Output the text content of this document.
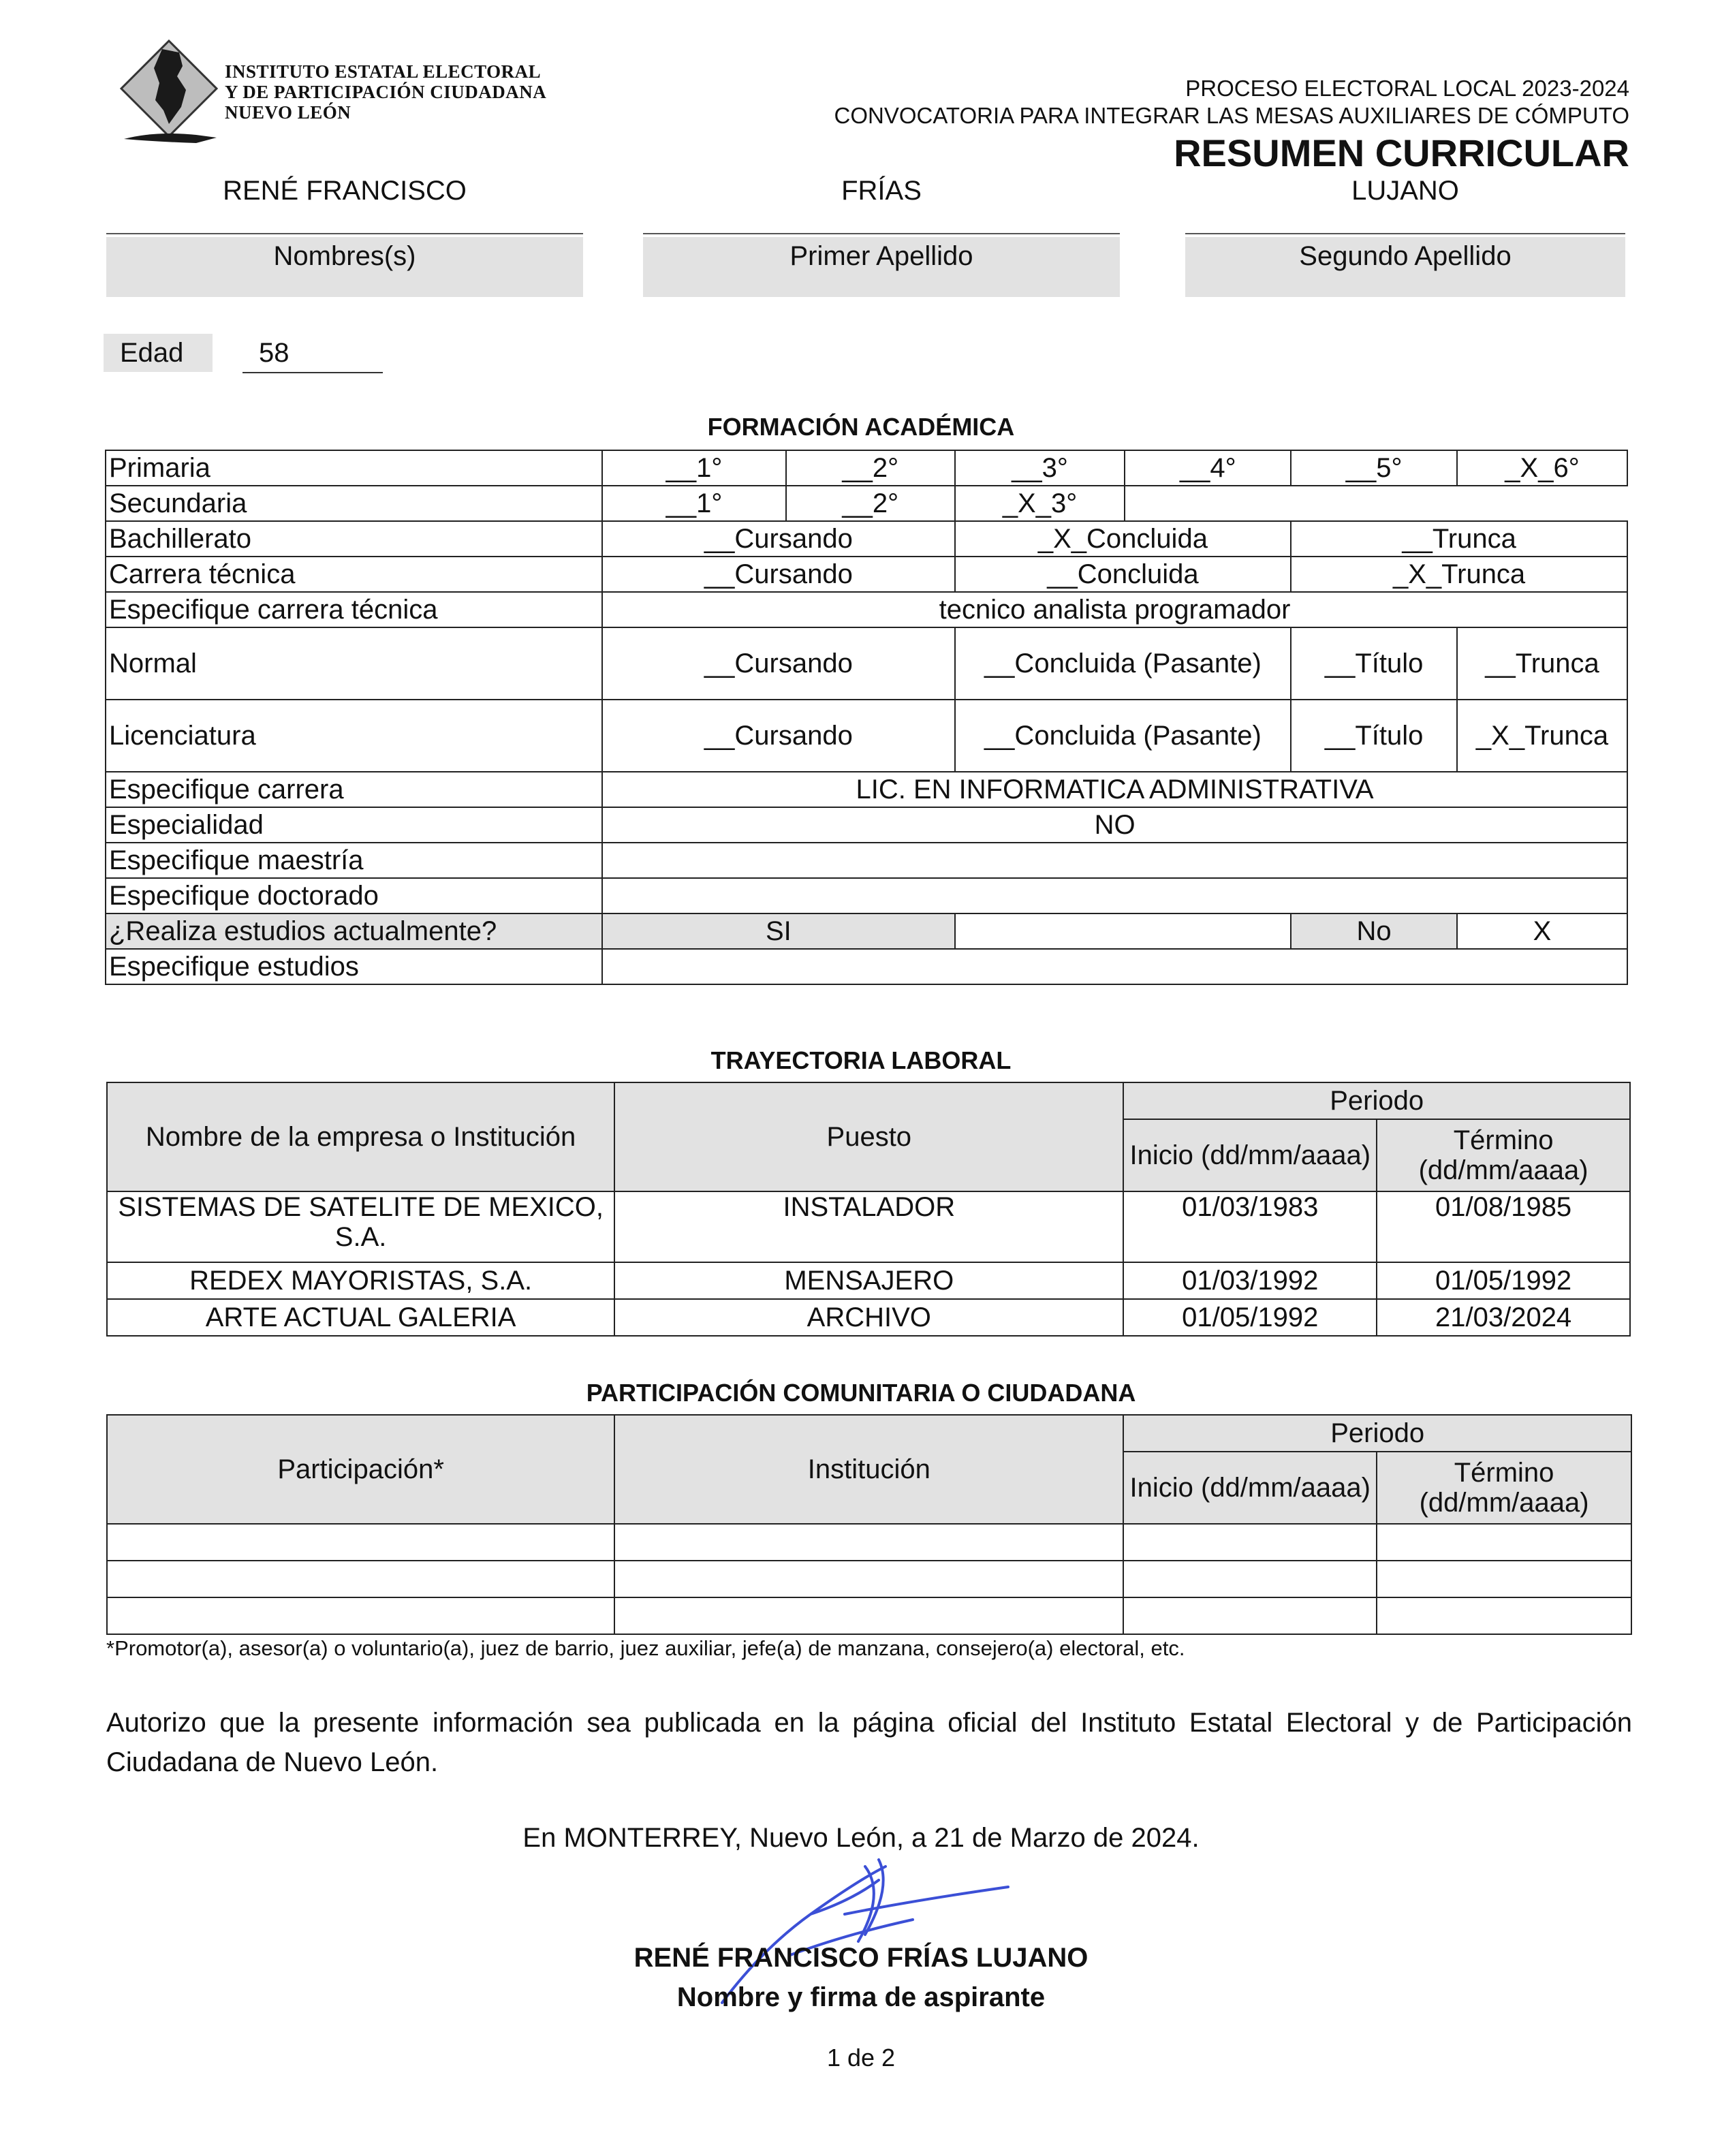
INSTITUTO ESTATAL ELECTORAL
Y DE PARTICIPACIÓN CIUDADANA
NUEVO LEÓN
PROCESO ELECTORAL LOCAL 2023-2024
CONVOCATORIA PARA INTEGRAR LAS MESAS AUXILIARES DE CÓMPUTO
RESUMEN CURRICULAR
RENÉ FRANCISCO
Nombres(s)
FRÍAS
Primer Apellido
LUJANO
Segundo Apellido
Edad	58
FORMACIÓN ACADÉMICA
Primaria	__1°	__2°	__3°	__4°	__5°	_X_6°
Secundaria	__1°	__2°	_X_3°			
Bachillerato	__Cursando		_X_Concluida		__Trunca	
Carrera técnica	__Cursando		__Concluida		_X_Trunca	
Especifique carrera técnica	tecnico analista programador					
Normal	__Cursando		__Concluida (Pasante)		__Título	__Trunca
Licenciatura	__Cursando		__Concluida (Pasante)		__Título	_X_Trunca
Especifique carrera	LIC. EN INFORMATICA ADMINISTRATIVA					
Especialidad	NO					
Especifique maestría						
Especifique doctorado						
¿Realiza estudios actualmente?	SI				No	X
Especifique estudios						
TRAYECTORIA LABORAL
Nombre de la empresa o Institución	Puesto	Periodo	
		Inicio (dd/mm/aaaa)	Término (dd/mm/aaaa)
SISTEMAS DE SATELITE DE MEXICO, S.A.	INSTALADOR	01/03/1983	01/08/1985
REDEX MAYORISTAS, S.A.	MENSAJERO	01/03/1992	01/05/1992
ARTE ACTUAL GALERIA	ARCHIVO	01/05/1992	21/03/2024
PARTICIPACIÓN COMUNITARIA O CIUDADANA
Participación*	Institución	Periodo	
		Inicio (dd/mm/aaaa)	Término (dd/mm/aaaa)

*Promotor(a), asesor(a) o voluntario(a), juez de barrio, juez auxiliar, jefe(a) de manzana, consejero(a) electoral, etc.
Autorizo que la presente información sea publicada en la página oficial del Instituto Estatal Electoral y de Participación Ciudadana de Nuevo León.
En MONTERREY, Nuevo León, a 21 de Marzo de 2024.
RENÉ FRANCISCO FRÍAS LUJANO
Nombre y firma de aspirante
1 de 2
